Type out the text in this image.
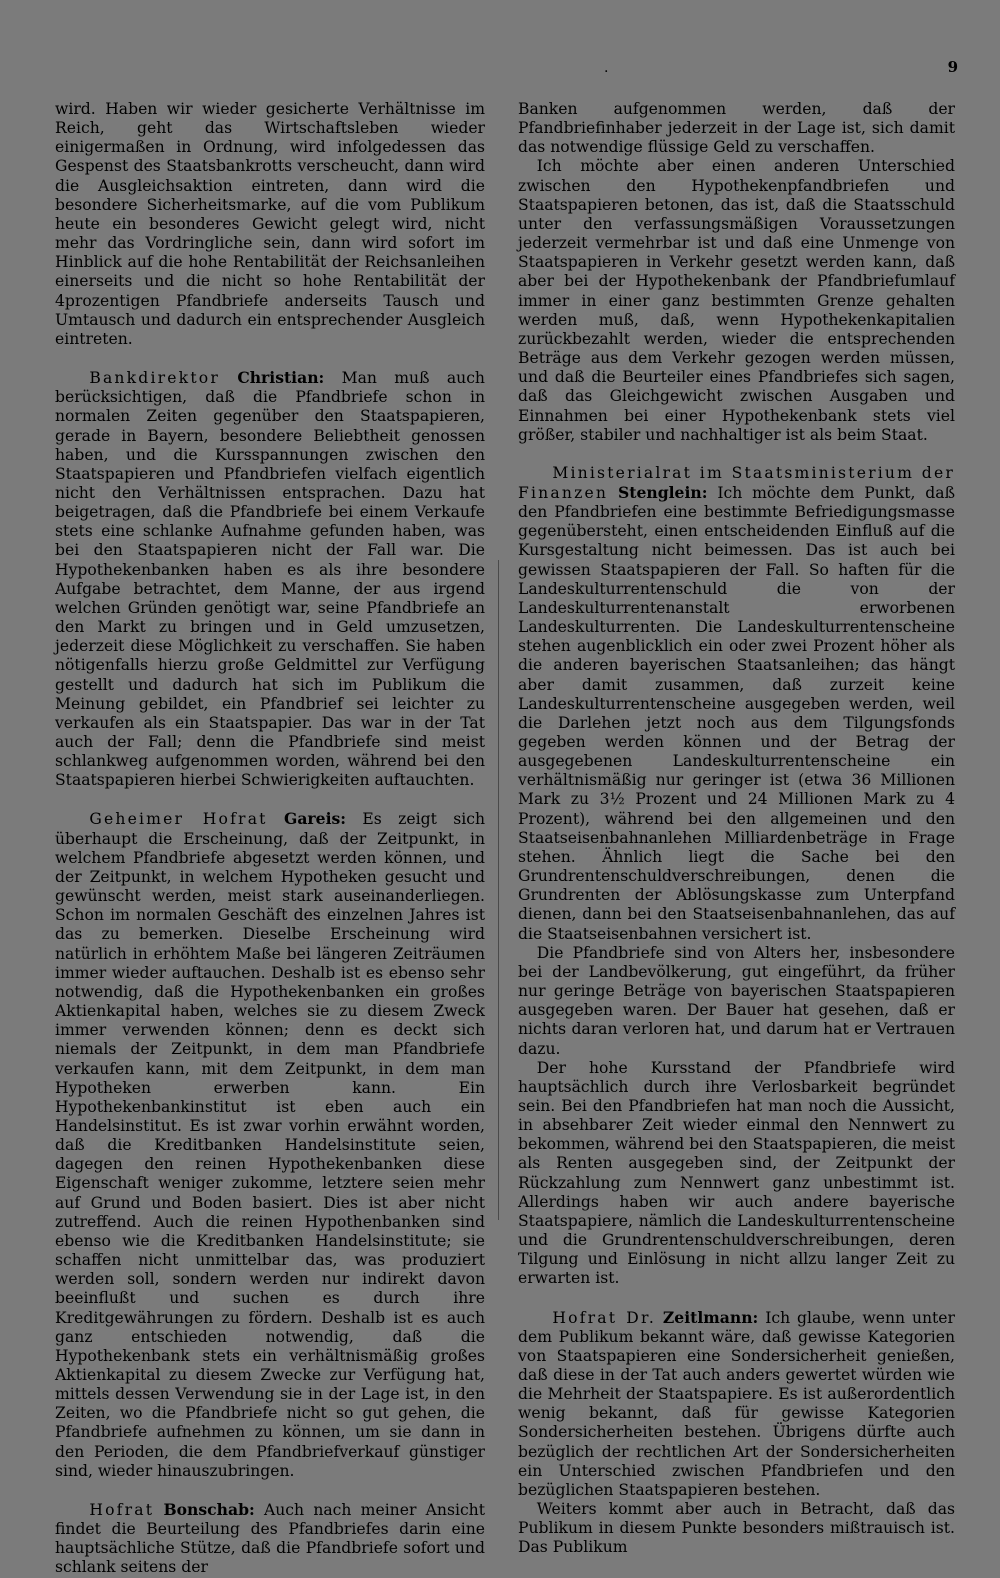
.	9

wird. Haben wir wieder gesicherte Verhältnisse im Reich, geht das Wirtschaftsleben wieder einigermaßen in Ordnung, wird infolgedessen das Gespenst des Staatsbankrotts verscheucht, dann wird die Ausgleichsaktion eintreten, dann wird die besondere Sicherheitsmarke, auf die vom Publikum heute ein besonderes Gewicht gelegt wird, nicht mehr das Vordringliche sein, dann wird sofort im Hinblick auf die hohe Rentabilität der Reichsanleihen einerseits und die nicht so hohe Rentabilität der 4prozentigen Pfandbriefe anderseits Tausch und Umtausch und dadurch ein entsprechender Ausgleich eintreten.

Bankdirektor Christian: Man muß auch berücksichtigen, daß die Pfandbriefe schon in normalen Zeiten gegenüber den Staatspapieren, gerade in Bayern, besondere Beliebtheit genossen haben, und die Kursspannungen zwischen den Staatspapieren und Pfandbriefen vielfach eigentlich nicht den Verhältnissen entsprachen. Dazu hat beigetragen, daß die Pfandbriefe bei einem Verkaufe stets eine schlanke Aufnahme gefunden haben, was bei den Staatspapieren nicht der Fall war. Die Hypothekenbanken haben es als ihre besondere Aufgabe betrachtet, dem Manne, der aus irgend welchen Gründen genötigt war, seine Pfandbriefe an den Markt zu bringen und in Geld umzusetzen, jederzeit diese Möglichkeit zu verschaffen. Sie haben nötigenfalls hierzu große Geldmittel zur Verfügung gestellt und dadurch hat sich im Publikum die Meinung gebildet, ein Pfandbrief sei leichter zu verkaufen als ein Staatspapier. Das war in der Tat auch der Fall; denn die Pfandbriefe sind meist schlankweg aufgenommen worden, während bei den Staatspapieren hierbei Schwierigkeiten auftauchten.

Geheimer Hofrat Gareis: Es zeigt sich überhaupt die Erscheinung, daß der Zeitpunkt, in welchem Pfandbriefe abgesetzt werden können, und der Zeitpunkt, in welchem Hypotheken gesucht und gewünscht werden, meist stark auseinanderliegen. Schon im normalen Geschäft des einzelnen Jahres ist das zu bemerken. Dieselbe Erscheinung wird natürlich in erhöhtem Maße bei längeren Zeiträumen immer wieder auftauchen. Deshalb ist es ebenso sehr notwendig, daß die Hypothekenbanken ein großes Aktienkapital haben, welches sie zu diesem Zweck immer verwenden können; denn es deckt sich niemals der Zeitpunkt, in dem man Pfandbriefe verkaufen kann, mit dem Zeitpunkt, in dem man Hypotheken erwerben kann. Ein Hypothekenbankinstitut ist eben auch ein Handelsinstitut. Es ist zwar vorhin erwähnt worden, daß die Kreditbanken Handelsinstitute seien, dagegen den reinen Hypothekenbanken diese Eigenschaft weniger zukomme, letztere seien mehr auf Grund und Boden basiert. Dies ist aber nicht zutreffend. Auch die reinen Hypothenbanken sind ebenso wie die Kreditbanken Handelsinstitute; sie schaffen nicht unmittelbar das, was produziert werden soll, sondern werden nur indirekt davon beeinflußt und suchen es durch ihre Kreditgewährungen zu fördern. Deshalb ist es auch ganz entschieden notwendig, daß die Hypothekenbank stets ein verhältnismäßig großes Aktienkapital zu diesem Zwecke zur Verfügung hat, mittels dessen Verwendung sie in der Lage ist, in den Zeiten, wo die Pfandbriefe nicht so gut gehen, die Pfandbriefe aufnehmen zu können, um sie dann in den Perioden, die dem Pfandbriefverkauf günstiger sind, wieder hinauszubringen.

Hofrat Bonschab: Auch nach meiner Ansicht findet die Beurteilung des Pfandbriefes darin eine hauptsächliche Stütze, daß die Pfandbriefe sofort und schlank seitens der

Banken aufgenommen werden, daß der Pfandbriefinhaber jederzeit in der Lage ist, sich damit das notwendige flüssige Geld zu verschaffen.

Ich möchte aber einen anderen Unterschied zwischen den Hypothekenpfandbriefen und Staatspapieren betonen, das ist, daß die Staatsschuld unter den verfassungsmäßigen Voraussetzungen jederzeit vermehrbar ist und daß eine Unmenge von Staatspapieren in Verkehr gesetzt werden kann, daß aber bei der Hypothekenbank der Pfandbriefumlauf immer in einer ganz bestimmten Grenze gehalten werden muß, daß, wenn Hypothekenkapitalien zurückbezahlt werden, wieder die entsprechenden Beträge aus dem Verkehr gezogen werden müssen, und daß die Beurteiler eines Pfandbriefes sich sagen, daß das Gleichgewicht zwischen Ausgaben und Einnahmen bei einer Hypothekenbank stets viel größer, stabiler und nachhaltiger ist als beim Staat.

Ministerialrat im Staatsministerium der Finanzen Stenglein: Ich möchte dem Punkt, daß den Pfandbriefen eine bestimmte Befriedigungsmasse gegenübersteht, einen entscheidenden Einfluß auf die Kursgestaltung nicht beimessen. Das ist auch bei gewissen Staatspapieren der Fall. So haften für die Landeskulturrentenschuld die von der Landeskulturrentenanstalt erworbenen Landeskulturrenten. Die Landeskulturrentenscheine stehen augenblicklich ein oder zwei Prozent höher als die anderen bayerischen Staatsanleihen; das hängt aber damit zusammen, daß zurzeit keine Landeskulturrentenscheine ausgegeben werden, weil die Darlehen jetzt noch aus dem Tilgungsfonds gegeben werden können und der Betrag der ausgegebenen Landeskulturrentenscheine ein verhältnismäßig nur geringer ist (etwa 36 Millionen Mark zu 3½ Prozent und 24 Millionen Mark zu 4 Prozent), während bei den allgemeinen und den Staatseisenbahnanlehen Milliardenbeträge in Frage stehen. Ähnlich liegt die Sache bei den Grundrentenschuldverschreibungen, denen die Grundrenten der Ablösungskasse zum Unterpfand dienen, dann bei den Staatseisenbahnanlehen, das auf die Staatseisenbahnen versichert ist.

Die Pfandbriefe sind von Alters her, insbesondere bei der Landbevölkerung, gut eingeführt, da früher nur geringe Beträge von bayerischen Staatspapieren ausgegeben waren. Der Bauer hat gesehen, daß er nichts daran verloren hat, und darum hat er Vertrauen dazu.

Der hohe Kursstand der Pfandbriefe wird hauptsächlich durch ihre Verlosbarkeit begründet sein. Bei den Pfandbriefen hat man noch die Aussicht, in absehbarer Zeit wieder einmal den Nennwert zu bekommen, während bei den Staatspapieren, die meist als Renten ausgegeben sind, der Zeitpunkt der Rückzahlung zum Nennwert ganz unbestimmt ist. Allerdings haben wir auch andere bayerische Staatspapiere, nämlich die Landeskulturrentenscheine und die Grundrentenschuldverschreibungen, deren Tilgung und Einlösung in nicht allzu langer Zeit zu erwarten ist.

Hofrat Dr. Zeitlmann: Ich glaube, wenn unter dem Publikum bekannt wäre, daß gewisse Kategorien von Staatspapieren eine Sondersicherheit genießen, daß diese in der Tat auch anders gewertet würden wie die Mehrheit der Staatspapiere. Es ist außerordentlich wenig bekannt, daß für gewisse Kategorien Sondersicherheiten bestehen. Übrigens dürfte auch bezüglich der rechtlichen Art der Sondersicherheiten ein Unterschied zwischen Pfandbriefen und den bezüglichen Staatspapieren bestehen.

Weiters kommt aber auch in Betracht, daß das Publikum in diesem Punkte besonders mißtrauisch ist. Das Publikum
